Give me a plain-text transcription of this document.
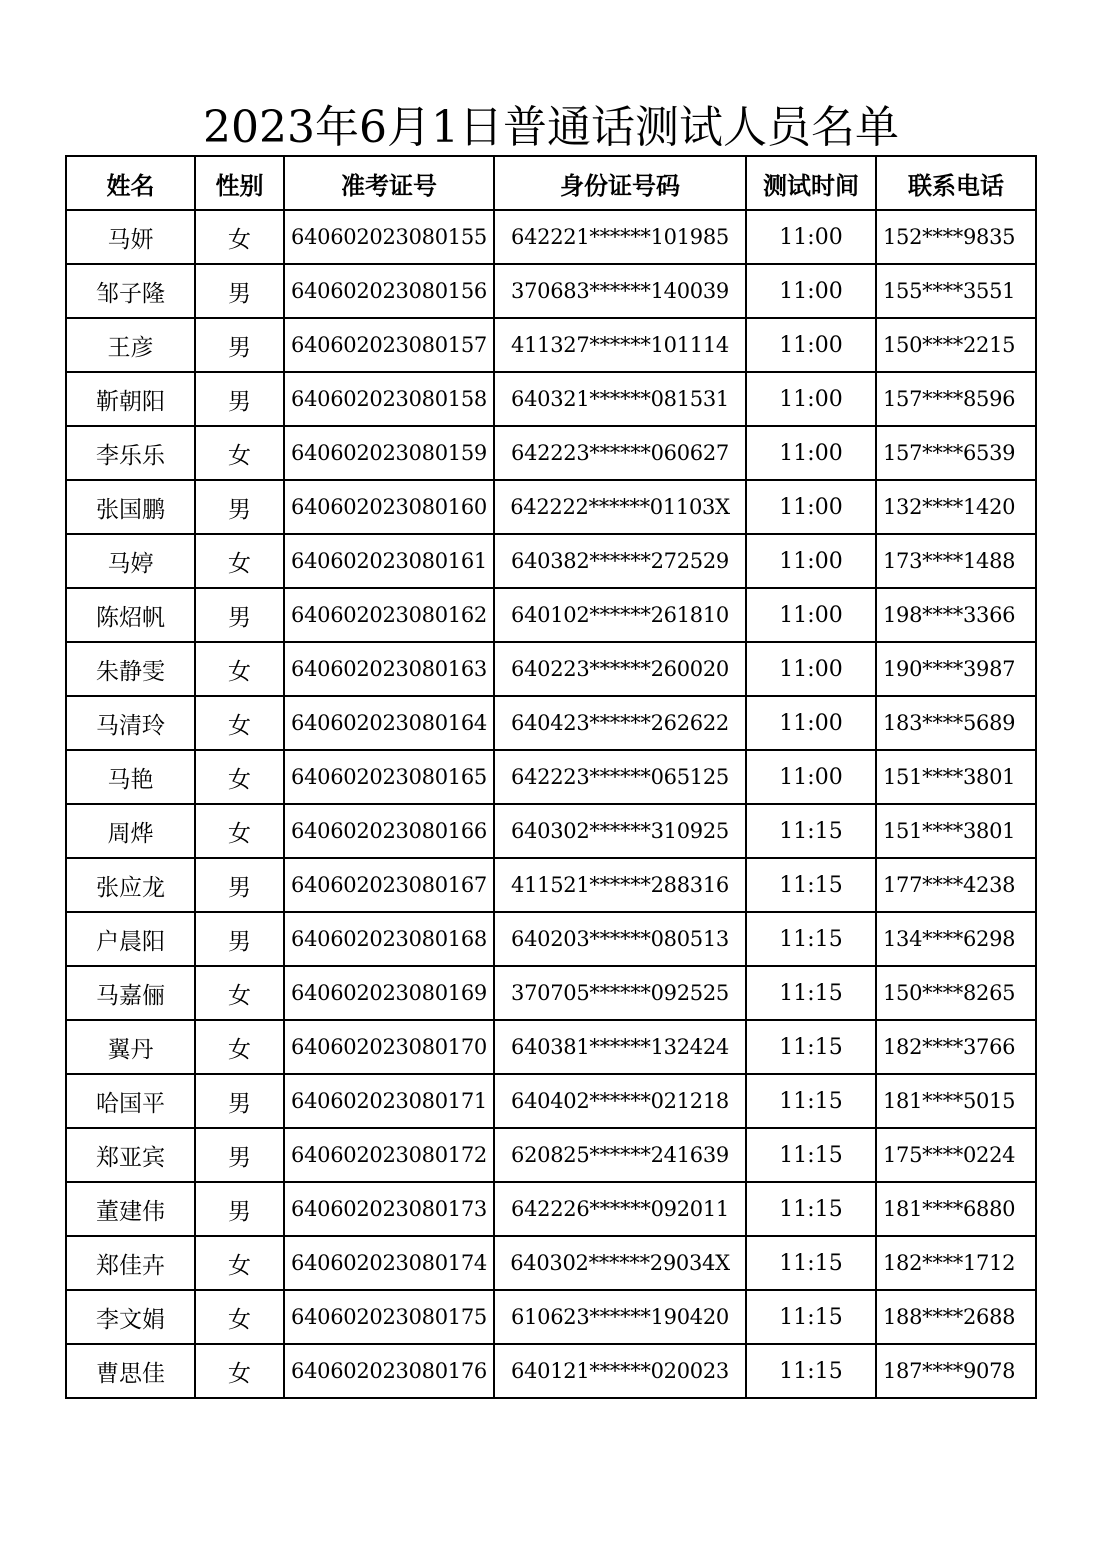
2023年6月1日普通话测试人员名单
姓名	性别	准考证号	身份证号码	测试时间	联系电话
马妍	女	640602023080155	642221******101985	11:00	152****9835
邹子隆	男	640602023080156	370683******140039	11:00	155****3551
王彦	男	640602023080157	411327******101114	11:00	150****2215
靳朝阳	男	640602023080158	640321******081531	11:00	157****8596
李乐乐	女	640602023080159	642223******060627	11:00	157****6539
张国鹏	男	640602023080160	642222******01103X	11:00	132****1420
马婷	女	640602023080161	640382******272529	11:00	173****1488
陈炤帆	男	640602023080162	640102******261810	11:00	198****3366
朱静雯	女	640602023080163	640223******260020	11:00	190****3987
马清玲	女	640602023080164	640423******262622	11:00	183****5689
马艳	女	640602023080165	642223******065125	11:00	151****3801
周烨	女	640602023080166	640302******310925	11:15	151****3801
张应龙	男	640602023080167	411521******288316	11:15	177****4238
户晨阳	男	640602023080168	640203******080513	11:15	134****6298
马嘉俪	女	640602023080169	370705******092525	11:15	150****8265
翼丹	女	640602023080170	640381******132424	11:15	182****3766
哈国平	男	640602023080171	640402******021218	11:15	181****5015
郑亚宾	男	640602023080172	620825******241639	11:15	175****0224
董建伟	男	640602023080173	642226******092011	11:15	181****6880
郑佳卉	女	640602023080174	640302******29034X	11:15	182****1712
李文娟	女	640602023080175	610623******190420	11:15	188****2688
曹思佳	女	640602023080176	640121******020023	11:15	187****9078
